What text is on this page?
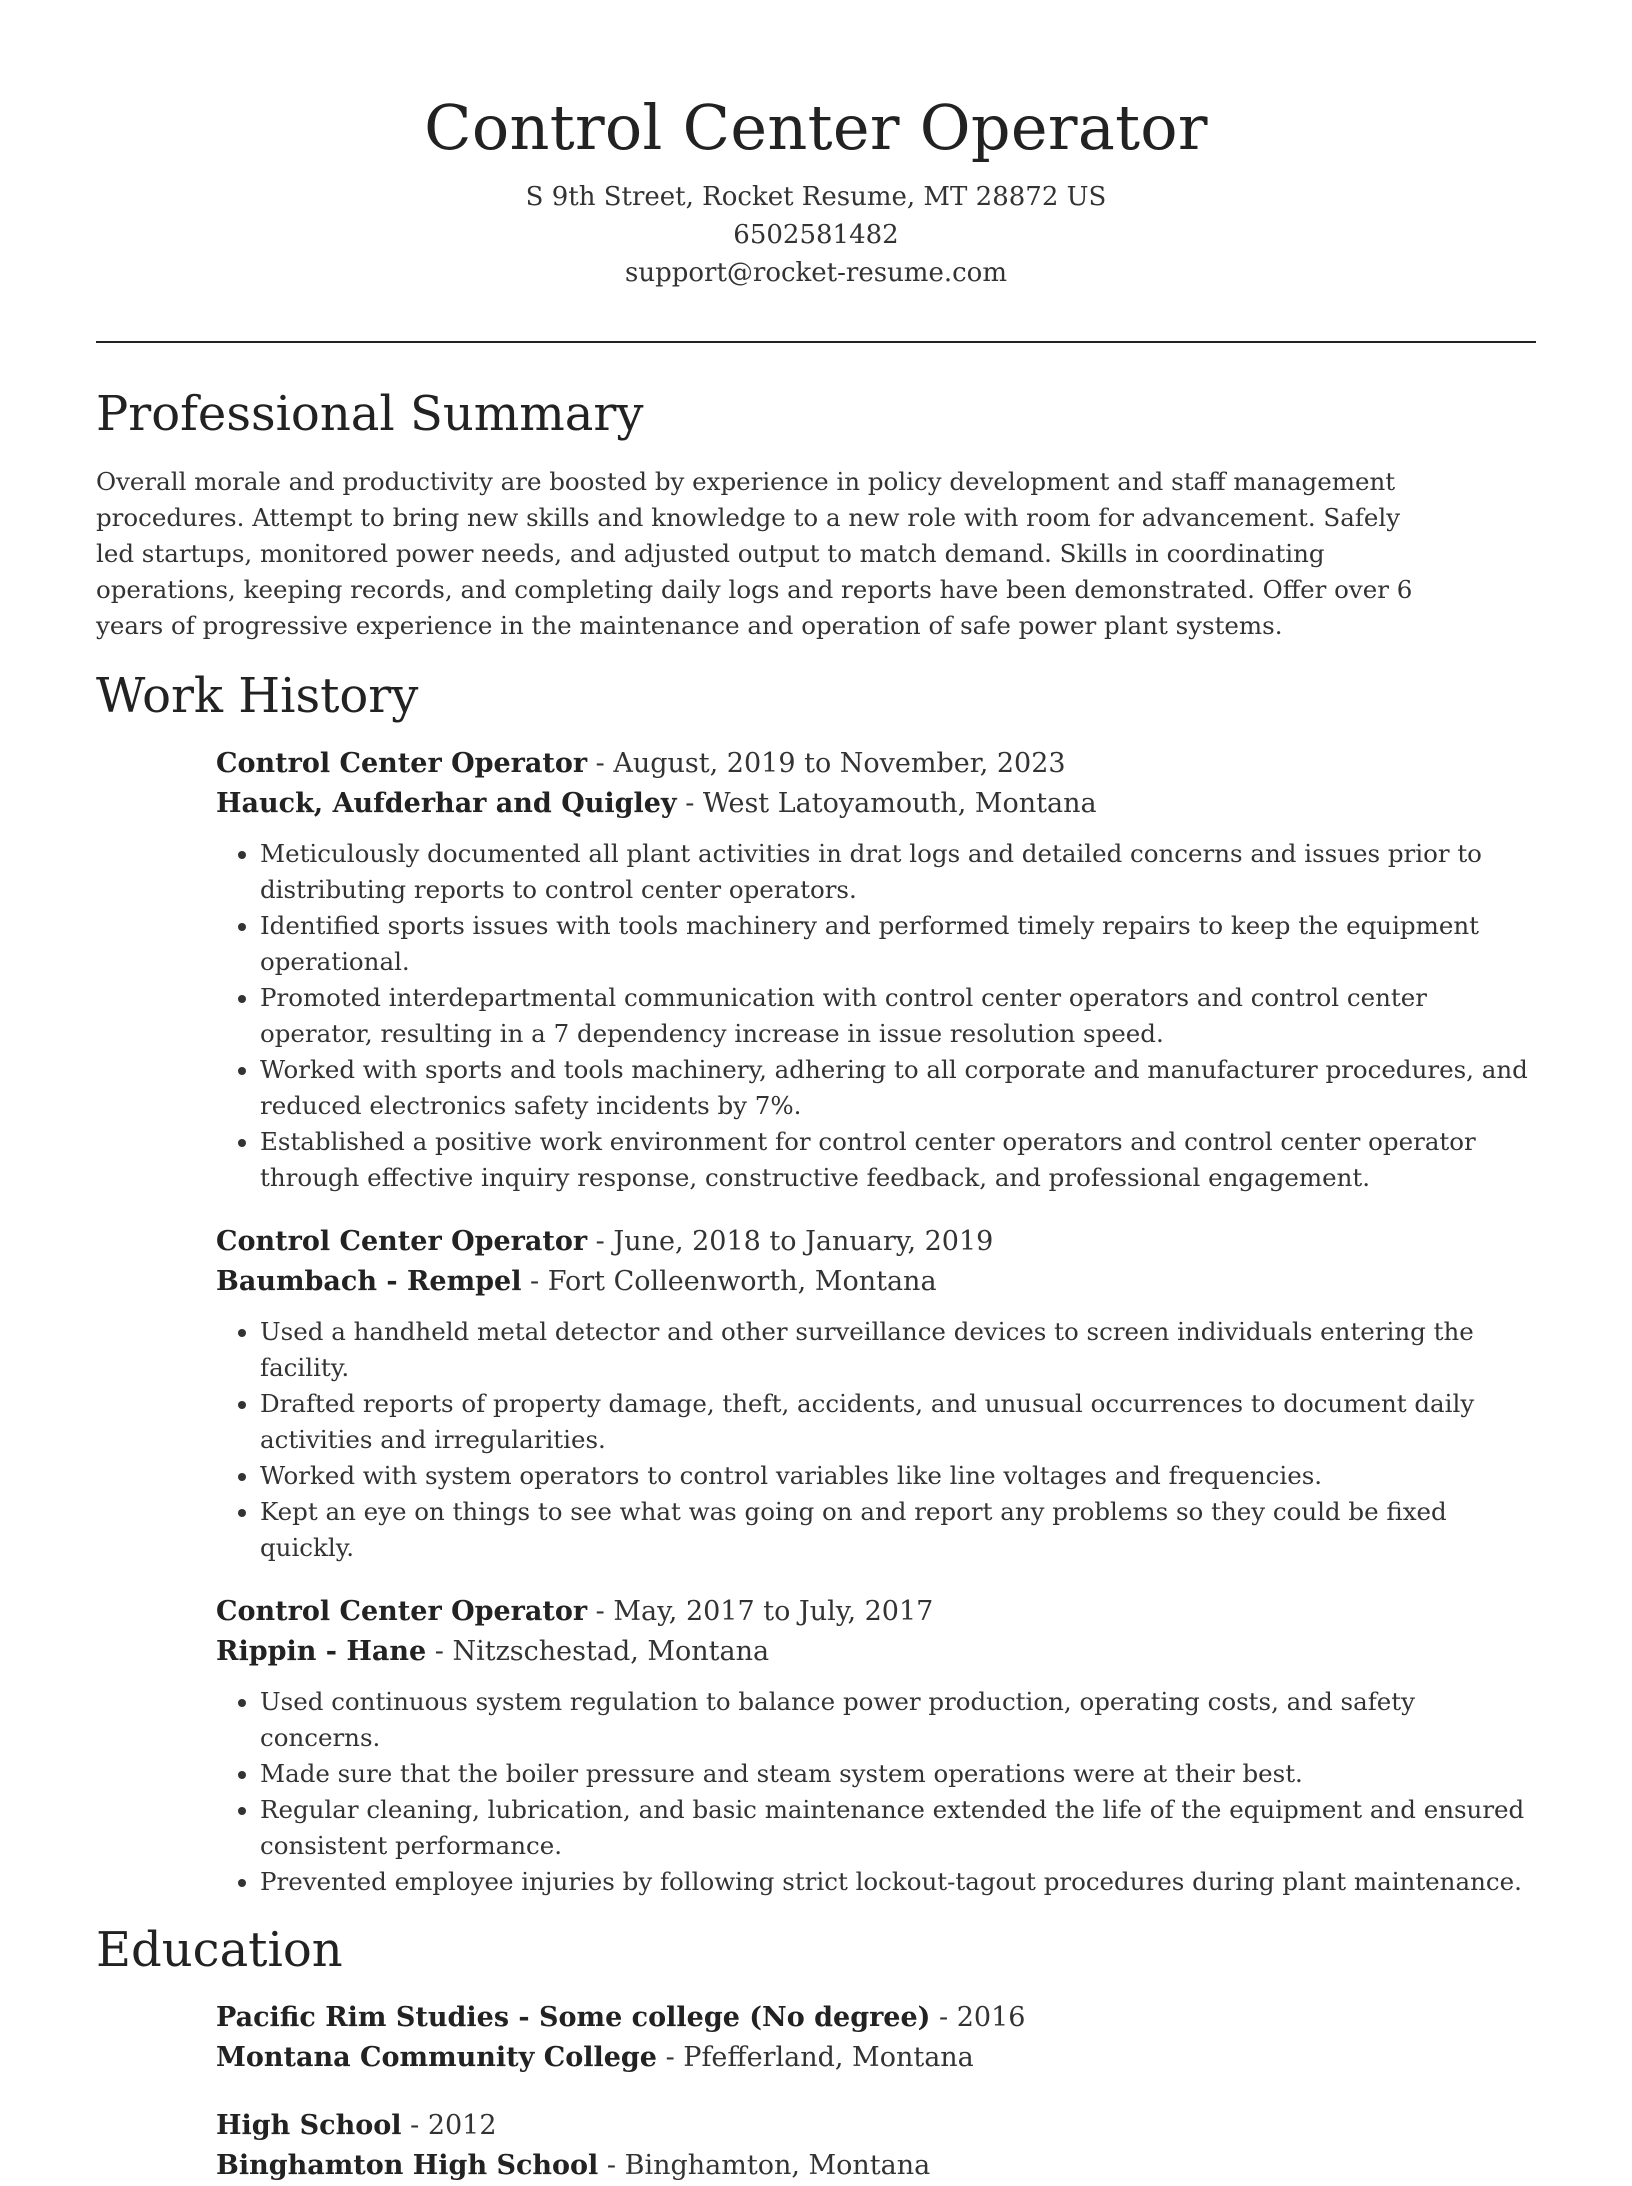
Control Center Operator
S 9th Street, Rocket Resume, MT 28872 US
6502581482
support@rocket-resume.com
Professional Summary

Overall morale and productivity are boosted by experience in policy development and staff management procedures. Attempt to bring new skills and knowledge to a new role with room for advancement. Safely led startups, monitored power needs, and adjusted output to match demand. Skills in coordinating operations, keeping records, and completing daily logs and reports have been demonstrated. Offer over 6 years of progressive experience in the maintenance and operation of safe power plant systems.

Work History
Control Center Operator - August, 2019 to November, 2023
Hauck, Aufderhar and Quigley - West Latoyamouth, Montana
• Meticulously documented all plant activities in drat logs and detailed concerns and issues prior to distributing reports to control center operators.
• Identified sports issues with tools machinery and performed timely repairs to keep the equipment operational.
• Promoted interdepartmental communication with control center operators and control center operator, resulting in a 7 dependency increase in issue resolution speed.
• Worked with sports and tools machinery, adhering to all corporate and manufacturer procedures, and reduced electronics safety incidents by 7%.
• Established a positive work environment for control center operators and control center operator through effective inquiry response, constructive feedback, and professional engagement.
Control Center Operator - June, 2018 to January, 2019
Baumbach - Rempel - Fort Colleenworth, Montana
• Used a handheld metal detector and other surveillance devices to screen individuals entering the facility.
• Drafted reports of property damage, theft, accidents, and unusual occurrences to document daily activities and irregularities.
• Worked with system operators to control variables like line voltages and frequencies.
• Kept an eye on things to see what was going on and report any problems so they could be fixed quickly.
Control Center Operator - May, 2017 to July, 2017
Rippin - Hane - Nitzschestad, Montana
• Used continuous system regulation to balance power production, operating costs, and safety concerns.
• Made sure that the boiler pressure and steam system operations were at their best.
• Regular cleaning, lubrication, and basic maintenance extended the life of the equipment and ensured consistent performance.
• Prevented employee injuries by following strict lockout-tagout procedures during plant maintenance.
Education
Pacific Rim Studies - Some college (No degree) - 2016
Montana Community College - Pfefferland, Montana
High School - 2012
Binghamton High School - Binghamton, Montana
